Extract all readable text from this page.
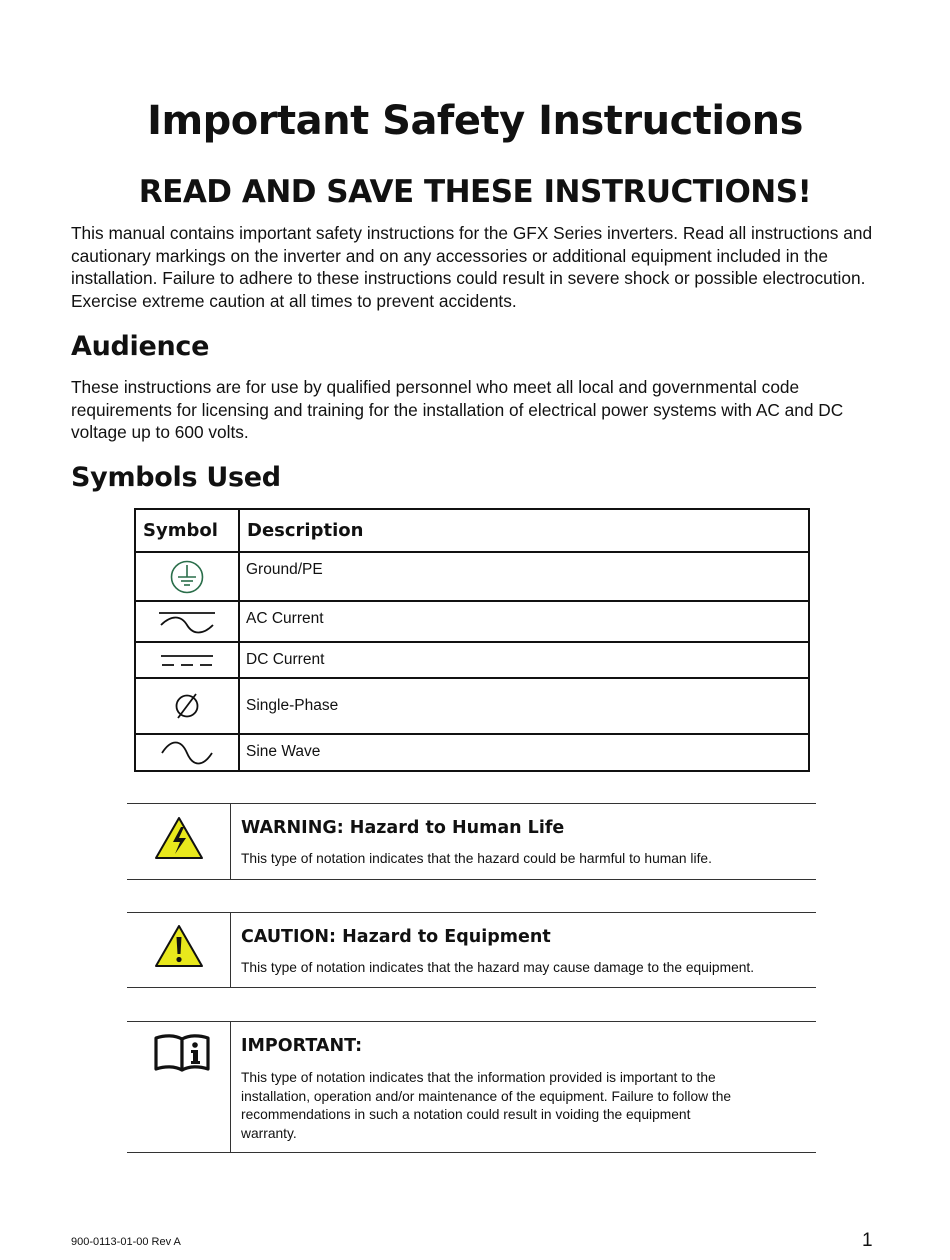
Important Safety Instructions
READ AND SAVE THESE INSTRUCTIONS!

This manual contains important safety instructions for the GFX Series inverters. Read all instructions and cautionary markings on the inverter and on any accessories or additional equipment included in the installation. Failure to adhere to these instructions could result in severe shock or possible electrocution. Exercise extreme caution at all times to prevent accidents.

Audience

These instructions are for use by qualified personnel who meet all local and governmental code requirements for licensing and training for the installation of electrical power systems with AC and DC voltage up to 600 volts.

Symbols Used
Symbol	Description

	Ground/PE

	AC Current

	DC Current

	Single-Phase

	Sine Wave
WARNING: Hazard to Human Life
This type of notation indicates that the hazard could be harmful to human life.
CAUTION: Hazard to Equipment
This type of notation indicates that the hazard may cause damage to the equipment.
IMPORTANT:
This type of notation indicates that the information provided is important to the installation, operation and/or maintenance of the equipment. Failure to follow the recommendations in such a notation could result in voiding the equipment warranty.
900-0113-01-00 Rev A	1
